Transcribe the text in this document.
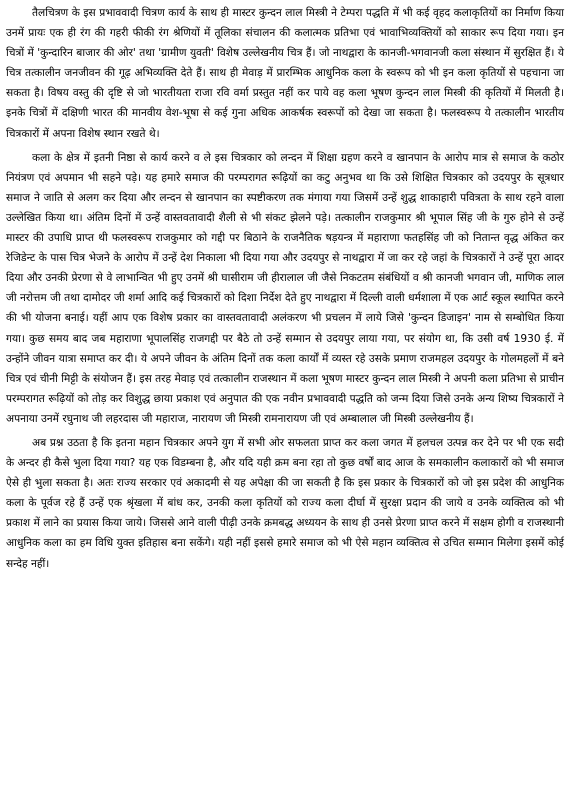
तैलचित्रण के इस प्रभाववादी चित्रण कार्य के साथ ही मास्टर कुन्दन लाल मिस्त्री ने टेम्परा पद्धति में भी कई वृहद कलाकृतियों का निर्माण किया उनमें प्रायः एक ही रंग की गहरी फीकी रंग श्रेणियों में तूलिका संचालन की कलात्मक प्रतिभा एवं भावाभिव्यक्तियों को साकार रूप दिया गया। इन चित्रों में 'कुन्दारिन बाजार की ओर' तथा 'ग्रामीण युवती' विशेष उल्लेखनीय चित्र हैं। जो नाथद्वारा के कानजी-भगवानजी कला संस्थान में सुरक्षित हैं। ये चित्र तत्कालीन जनजीवन की गूढ़ अभिव्यक्ति देते हैं। साथ ही मेवाड़ में प्रारम्भिक आधुनिक कला के स्वरूप को भी इन कला कृतियों से पहचाना जा सकता है। विषय वस्तु की दृष्टि से जो भारतीयता राजा रवि वर्मा प्रस्तुत नहीं कर पाये वह कला भूषण कुन्दन लाल मिस्त्री की कृतियों में मिलती है। इनके चित्रों में दक्षिणी भारत की मानवीय वेश-भूषा से कई गुना अधिक आकर्षक स्वरूपों को देखा जा सकता है। फलस्वरूप ये तत्कालीन भारतीय चित्रकारों में अपना विशेष स्थान रखते थे।

कला के क्षेत्र में इतनी निष्ठा से कार्य करने व ले इस चित्रकार को लन्दन में शिक्षा ग्रहण करने व खानपान के आरोप मात्र से समाज के कठोर नियंत्रण एवं अपमान भी सहने पड़े। यह हमारे समाज की परम्परागत रूढ़ियों का कटु अनुभव था कि उसे शिक्षित चित्रकार को उदयपुर के सूत्रधार समाज ने जाति से अलग कर दिया और लन्दन से खानपान का स्पष्टीकरण तक मंगाया गया जिसमें उन्हें शुद्ध शाकाहारी पवित्रता के साथ रहने वाला उल्लेखित किया था। अंतिम दिनों में उन्हें वास्तवतावादी शैली से भी संकट झेलने पड़े। तत्कालीन राजकुमार श्री भूपाल सिंह जी के गुरु होने से उन्हें मास्टर की उपाधि प्राप्त थी फलस्वरूप राजकुमार को गद्दी पर बिठाने के राजनैतिक षड़यन्त्र में महाराणा फतहसिंह जी को नितान्त वृद्ध अंकित कर रेजिडेन्ट के पास चित्र भेजने के आरोप में उन्हें देश निकाला भी दिया गया और उदयपुर से नाथद्वारा में जा कर रहे जहां के चित्रकारों ने उन्हें पूरा आदर दिया और उनकी प्रेरणा से वे लाभान्वित भी हुए उनमें श्री घासीराम जी हीरालाल जी जैसे निकटतम संबंधियों व श्री कानजी भगवान जी, माणिक लाल जी नरोत्तम जी तथा दामोदर जी शर्मा आदि कई चित्रकारों को दिशा निर्देश देते हुए नाथद्वारा में दिल्ली वाली धर्मशाला में एक आर्ट स्कूल स्थापित करने की भी योजना बनाई। यहीं आप एक विशेष प्रकार का वास्तवतावादी अलंकरण भी प्रचलन में लाये जिसे 'कुन्दन डिजाइन' नाम से सम्बोधित किया गया। कुछ समय बाद जब महाराणा भूपालसिंह राजगद्दी पर बैठे तो उन्हें सम्मान से उदयपुर लाया गया, पर संयोग था, कि उसी वर्ष 1930 ई. में उन्होंने जीवन यात्रा समाप्त कर दी। ये अपने जीवन के अंतिम दिनों तक कला कार्यों में व्यस्त रहे उसके प्रमाण राजमहल उदयपुर के गोलमहलों में बने चित्र एवं चीनी मिट्टी के संयोजन हैं। इस तरह मेवाड़ एवं तत्कालीन राजस्थान में कला भूषण मास्टर कुन्दन लाल मिस्त्री ने अपनी कला प्रतिभा से प्राचीन परम्परागत रूढ़ियों को तोड़ कर विशुद्ध छाया प्रकाश एवं अनुपात की एक नवीन प्रभाववादी पद्धति को जन्म दिया जिसे उनके अन्य शिष्य चित्रकारों ने अपनाया उनमें रघुनाथ जी लहरदास जी महाराज, नारायण जी मिस्त्री रामनारायण जी एवं अम्बालाल जी मिस्त्री उल्लेखनीय हैं।

अब प्रश्न उठता है कि इतना महान चित्रकार अपने युग में सभी ओर सफलता प्राप्त कर कला जगत में हलचल उत्पन्न कर देने पर भी एक सदी के अन्दर ही कैसे भुला दिया गया? यह एक विडम्बना है, और यदि यही क्रम बना रहा तो कुछ वर्षों बाद आज के समकालीन कलाकारों को भी समाज ऐसे ही भुला सकता है। अतः राज्य सरकार एवं अकादमी से यह अपेक्षा की जा सकती है कि इस प्रकार के चित्रकारों को जो इस प्रदेश की आधुनिक कला के पूर्वज रहे हैं उन्हें एक श्रृंखला में बांध कर, उनकी कला कृतियों को राज्य कला दीर्घा में सुरक्षा प्रदान की जाये व उनके व्यक्तित्व को भी प्रकाश में लाने का प्रयास किया जाये। जिससे आने वाली पीढ़ी उनके क्रमबद्ध अध्ययन के साथ ही उनसे प्रेरणा प्राप्त करने में सक्षम होगी व राजस्थानी आधुनिक कला का हम विधि युक्त इतिहास बना सकेंगे। यही नहीं इससे हमारे समाज को भी ऐसे महान व्यक्तित्व से उचित सम्मान मिलेगा इसमें कोई सन्देह नहीं।
